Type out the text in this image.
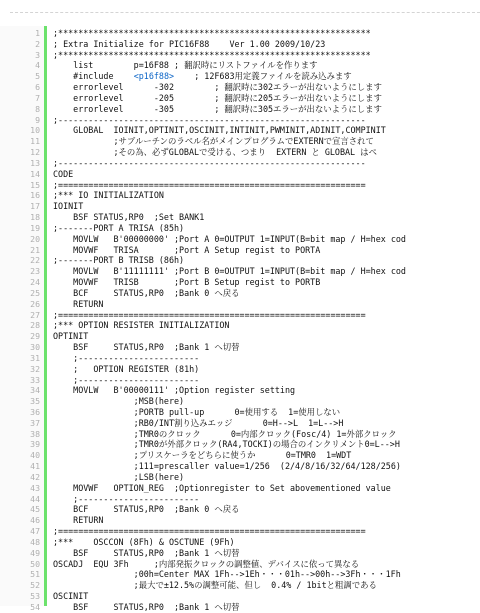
1	;**************************************************************
2	; Extra Initialize for PIC16F88    Ver 1.00 2009/10/23
3	;**************************************************************
4	list        p=16F88 ; 翻訳時にリストファイルを作ります
5	#include    <p16f88>    ; 12F683用定義ファイルを読み込みます
6	errorlevel      -302        ; 翻訳時に302エラーが出ないようにします
7	errorlevel      -205        ; 翻訳時に205エラーが出ないようにします
8	errorlevel      -305        ; 翻訳時に305エラーが出ないようにします
9	;-------------------------------------------------------------
10	GLOBAL  IOINIT,OPTINIT,OSCINIT,INTINIT,PWMINIT,ADINIT,COMPINIT
11	;サブルーチンのラベル名がメインプログラムでEXTERNで宣言されて
12	;その為、必ずGLOBALで受ける、つまり  EXTERN と GLOBAL はペ
13	;-------------------------------------------------------------
14	CODE
15	;=============================================================
16	;*** IO INITIALIZATION
17	IOINIT
18	BSF STATUS,RP0  ;Set BANK1
19	;-------PORT A TRISA (85h)
20	MOVLW   B'00000000' ;Port A 0=OUTPUT 1=INPUT(B=bit map / H=hex cod
21	MOVWF   TRISA       ;Port A Setup regist to PORTA
22	;-------PORT B TRISB (86h)
23	MOVLW   B'11111111' ;Port B 0=OUTPUT 1=INPUT(B=bit map / H=hex cod
24	MOVWF   TRISB       ;Port B Setup regist to PORTB
25	BCF     STATUS,RP0  ;Bank 0 へ戻る
26	RETURN
27	;=============================================================
28	;*** OPTION RESISTER INITIALIZATION
29	OPTINIT
30	BSF     STATUS,RP0  ;Bank 1 へ切替
31	;------------------------
32	;   OPTION REGISTER (81h)
33	;------------------------
34	MOVLW   B'00000111' ;Option register setting
35	;MSB(here)
36	;PORTB pull-up      0=使用する  1=使用しない
37	;RB0/INT割り込みエッジ      0=H-->L  1=L-->H
38	;TMR0のクロック      0=内部クロック(Fosc/4) 1=外部クロック
39	;TMR0が外部クロック(RA4,TOCKI)の場合のインクリメント0=L-->H
40	;プリスケーラをどちらに使うか      0=TMR0  1=WDT
41	;111=prescaller value=1/256  (2/4/8/16/32/64/128/256)
42	;LSB(here)
43	MOVWF   OPTION_REG  ;Optionregister to Set abovementioned value
44	;------------------------
45	BCF     STATUS,RP0  ;Bank 0 へ戻る
46	RETURN
47	;=============================================================
48	;***    OSCCON (8Fh) & OSCTUNE (9Fh)
49	BSF     STATUS,RP0  ;Bank 1 へ切替
50	OSCADJ  EQU 3Fh     ;内部発振クロックの調整値、デバイスに依って異なる
51	;00h=Center MAX 1Fh-->1Eh・・・01h-->00h-->3Fh・・・1Fh
52	;最大で±12.5%の調整可能、但し  0.4% / 1bitと粗調である
53	OSCINIT
54	BSF     STATUS,RP0  ;Bank 1 へ切替
